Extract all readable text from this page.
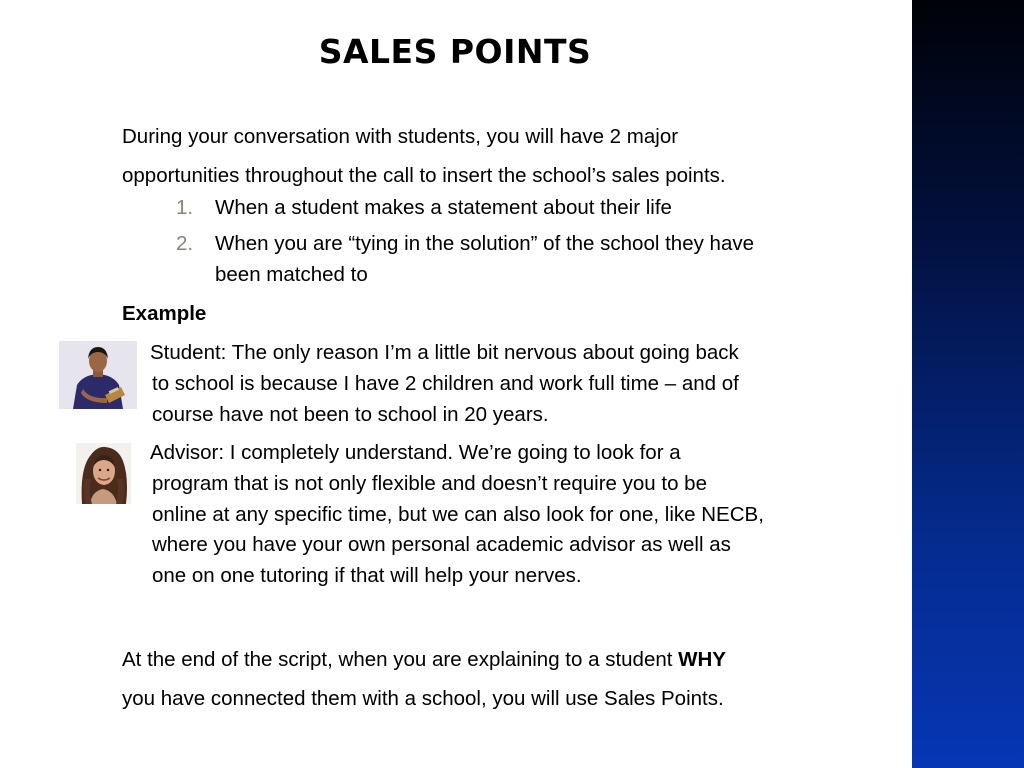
SALES POINTS
During your conversation with students, you will have 2 major
opportunities throughout the call to insert the school’s sales points.
1.	When a student makes a statement about their life
2.	When you are “tying in the solution” of the school they have
been matched to
Example
Student: The only reason I’m a little bit nervous about going back
to school is because I have 2 children and work full time – and of
course have not been to school in 20 years.
Advisor: I completely understand. We’re going to look for a
program that is not only flexible and doesn’t require you to be
online at any specific time, but we can also look for one, like NECB,
where you have your own personal academic advisor as well as
one on one tutoring if that will help your nerves.
At the end of the script, when you are explaining to a student WHY
you have connected them with a school, you will use Sales Points.
